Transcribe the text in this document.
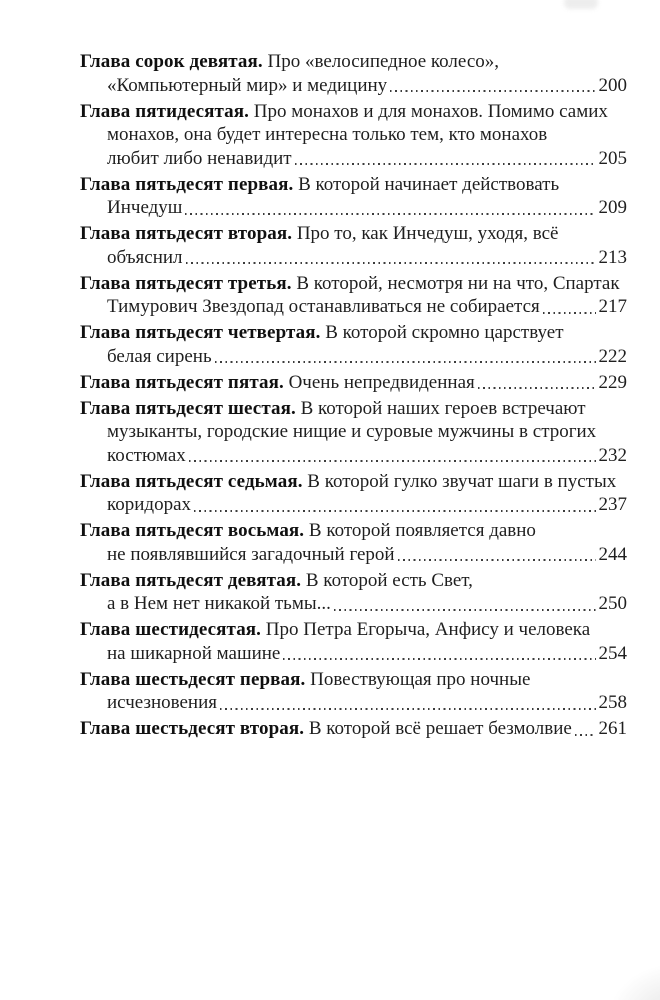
Глава сорок девятая. Про «велосипедное колесо»,
«Компьютерный мир» и медицину	200
Глава пятидесятая. Про монахов и для монахов. Помимо самих
монахов, она будет интересна только тем, кто монахов
любит либо ненавидит	205
Глава пятьдесят первая. В которой начинает действовать
Инчедуш	209
Глава пятьдесят вторая. Про то, как Инчедуш, уходя, всё
объяснил	213
Глава пятьдесят третья. В которой, несмотря ни на что, Спартак
Тимурович Звездопад останавливаться не собирается	217
Глава пятьдесят четвертая. В которой скромно царствует
белая сирень	222
Глава пятьдесят пятая. Очень непредвиденная	229
Глава пятьдесят шестая. В которой наших героев встречают
музыканты, городские нищие и суровые мужчины в строгих
костюмах	232
Глава пятьдесят седьмая. В которой гулко звучат шаги в пустых
коридорах	237
Глава пятьдесят восьмая. В которой появляется давно
не появлявшийся загадочный герой	244
Глава пятьдесят девятая. В которой есть Свет,
а в Нем нет никакой тьмы...	250
Глава шестидесятая. Про Петра Егорыча, Анфису и человека
на шикарной машине	254
Глава шестьдесят первая. Повествующая про ночные
исчезновения	258
Глава шестьдесят вторая. В которой всё решает безмолвие 261
